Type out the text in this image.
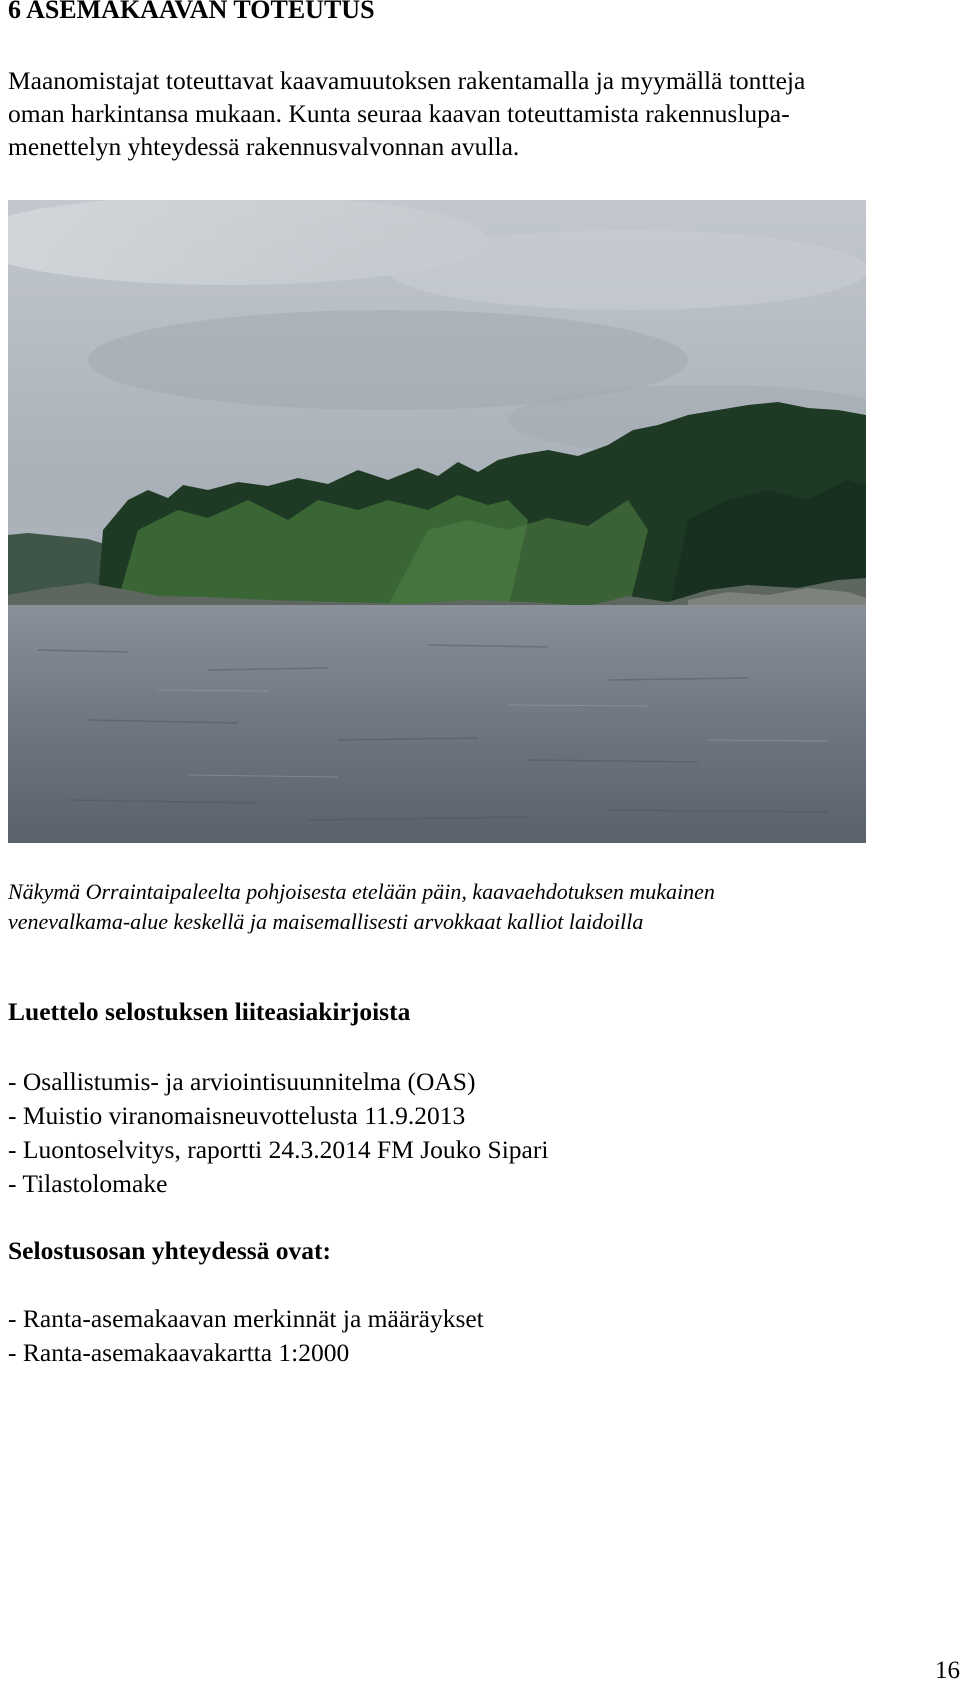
6 ASEMAKAAVAN TOTEUTUS

Maanomistajat toteuttavat kaavamuutoksen rakentamalla ja myymällä tontteja
oman harkintansa mukaan. Kunta seuraa kaavan toteuttamista rakennuslupa-
menettelyn yhteydessä rakennusvalvonnan avulla.

Näkymä Orraintaipaleelta pohjoisesta etelään päin, kaavaehdotuksen mukainen
venevalkama-alue keskellä ja maisemallisesti arvokkaat kalliot laidoilla

Luettelo selostuksen liiteasiakirjoista
- Osallistumis- ja arviointisuunnitelma (OAS)
- Muistio viranomaisneuvottelusta 11.9.2013
- Luontoselvitys, raportti 24.3.2014 FM Jouko Sipari
- Tilastolomake
Selostusosan yhteydessä ovat:
- Ranta-asemakaavan merkinnät ja määräykset
- Ranta-asemakaavakartta 1:2000

16
